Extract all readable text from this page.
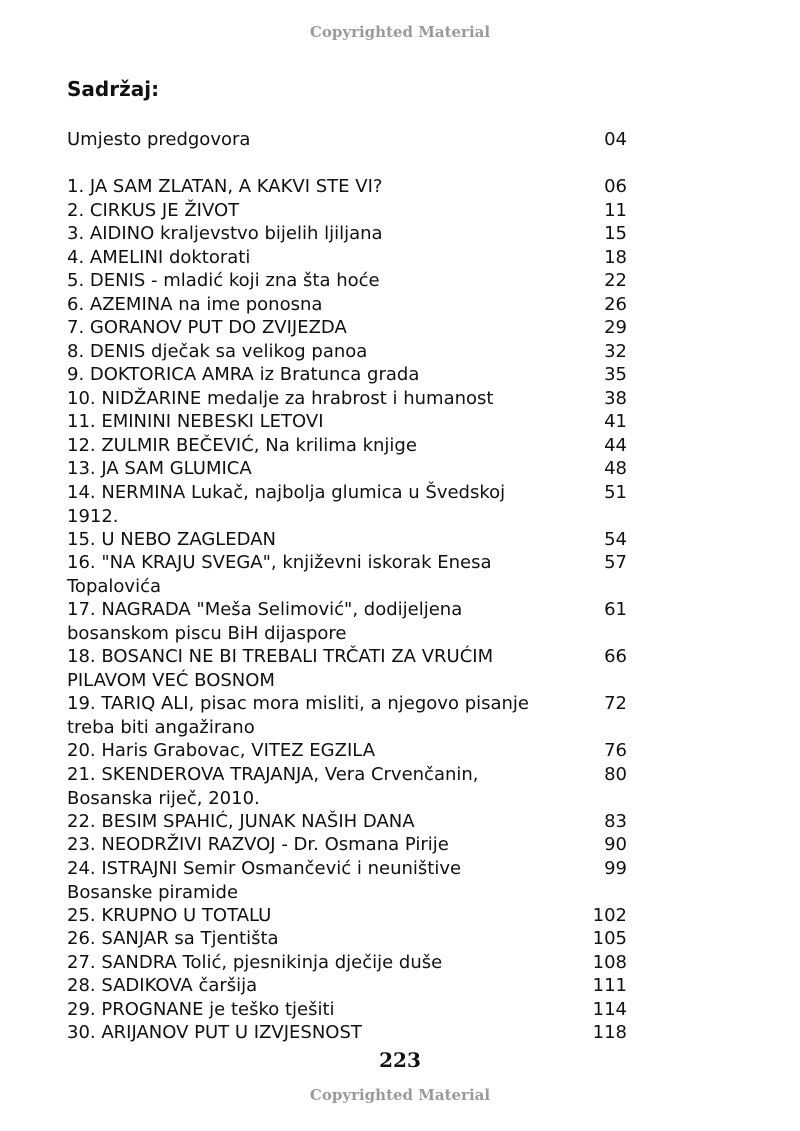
Copyrighted Material
Sadržaj:
Umjesto predgovora	04
1. JA SAM ZLATAN, A KAKVI STE VI?	06
2. CIRKUS JE ŽIVOT	11
3. AIDINO kraljevstvo bijelih ljiljana	15
4. AMELINI doktorati	18
5. DENIS - mladić koji zna šta hoće	22
6. AZEMINA na ime ponosna	26
7. GORANOV PUT DO ZVIJEZDA	29
8. DENIS dječak sa velikog panoa	32
9. DOKTORICA AMRA iz Bratunca grada	35
10. NIDŽARINE medalje za hrabrost i humanost	38
11. EMININI NEBESKI LETOVI	41
12. ZULMIR BEČEVIĆ, Na krilima knjige	44
13. JA SAM GLUMICA	48
14. NERMINA Lukač, najbolja glumica u Švedskoj 1912.
51
15. U NEBO ZAGLEDAN	54
16. "NA KRAJU SVEGA", književni iskorak Enesa Topalovića
57
17. NAGRADA "Meša Selimović", dodijeljena bosanskom piscu BiH dijaspore
61
18. BOSANCI NE BI TREBALI TRČATI ZA VRUĆIM PILAVOM VEĆ BOSNOM
66
19. TARIQ ALI, pisac mora misliti, a njegovo pisanje treba biti angažirano
72
20. Haris Grabovac, VITEZ EGZILA	76
21. SKENDEROVA TRAJANJA, Vera Crvenčanin, Bosanska riječ, 2010.
80
22. BESIM SPAHIĆ, JUNAK NAŠIH DANA	83
23. NEODRŽIVI RAZVOJ - Dr. Osmana Pirije	90
24. ISTRAJNI Semir Osmančević i neuništive Bosanske piramide
99
25. KRUPNO U TOTALU	102
26. SANJAR sa Tjentišta	105
27. SANDRA Tolić, pjesnikinja dječije duše	108
28. SADIKOVA čaršija	111
29. PROGNANE je teško tješiti	114
30. ARIJANOV PUT U IZVJESNOST	118
223
Copyrighted Material
